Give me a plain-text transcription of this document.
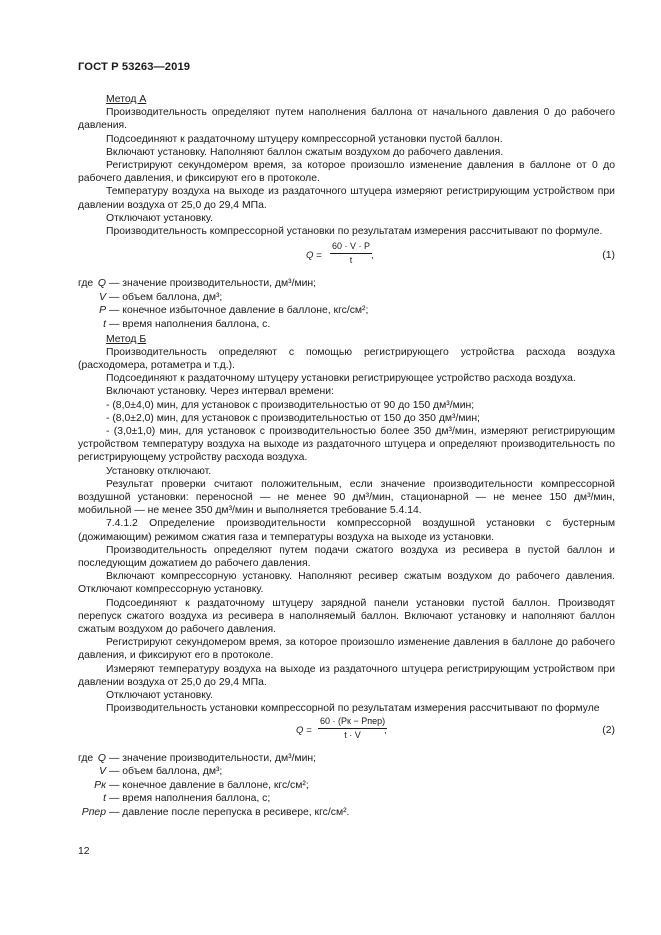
ГОСТ Р 53263—2019

Метод А

Производительность определяют путем наполнения баллона от начального давления 0 до рабочего давления.

Подсоединяют к раздаточному штуцеру компрессорной установки пустой баллон.

Включают установку. Наполняют баллон сжатым воздухом до рабочего давления.

Регистрируют секундомером время, за которое произошло изменение давления в баллоне от 0 до рабочего давления, и фиксируют его в протоколе.

Температуру воздуха на выходе из раздаточного штуцера измеряют регистрирующим устройством при давлении воздуха от 25,0 до 29,4 МПа.

Отключают установку.

Производительность компрессорной установки по результатам измерения рассчитывают по формуле.

$Q = \frac{60 \cdot V \cdot P}{t}$
,	(1)
где Q — значение производительности, дм³/мин;
V — объем баллона, дм³;
P — конечное избыточное давление в баллоне, кгс/см²;
t — время наполнения баллона, с.

Метод Б

Производительность определяют с помощью регистрирующего устройства расхода воздуха (расходомера, ротаметра и т.д.).

Подсоединяют к раздаточному штуцеру установки регистрирующее устройство расхода воздуха.

Включают установку. Через интервал времени:

- (8,0±4,0) мин, для установок с производительностью от 90 до 150 дм³/мин;

- (8,0±2,0) мин, для установок с производительностью от 150 до 350 дм³/мин;

- (3,0±1,0) мин, для установок с производительностью более 350 дм³/мин, измеряют регистрирующим устройством температуру воздуха на выходе из раздаточного штуцера и определяют производительность по регистрирующему устройству расхода воздуха.

Установку отключают.

Результат проверки считают положительным, если значение производительности компрессорной воздушной установки: переносной — не менее 90 дм³/мин, стационарной — не менее 150 дм³/мин, мобильной — не менее 350 дм³/мин и выполняется требование 5.4.14.

7.4.1.2 Определение производительности компрессорной воздушной установки с бустерным (дожимающим) режимом сжатия газа и температуры воздуха на выходе из установки.

Производительность определяют путем подачи сжатого воздуха из ресивера в пустой баллон и последующим дожатием до рабочего давления.

Включают компрессорную установку. Наполняют ресивер сжатым воздухом до рабочего давления. Отключают компрессорную установку.

Подсоединяют к раздаточному штуцеру зарядной панели установки пустой баллон. Производят перепуск сжатого воздуха из ресивера в наполняемый баллон. Включают установку и наполняют баллон сжатым воздухом до рабочего давления.

Регистрируют секундомером время, за которое произошло изменение давления в баллоне до рабочего давления, и фиксируют его в протоколе.

Измеряют температуру воздуха на выходе из раздаточного штуцера регистрирующим устройством при давлении воздуха от 25,0 до 29,4 МПа.

Отключают установку.

Производительность установки компрессорной по результатам измерения рассчитывают по формуле

Q =
60 · (Pк − Pпер)
t · V	,	(2)
где Q — значение производительности, дм³/мин;
V — объем баллона, дм³;
Pк — конечное давление в баллоне, кгс/см²;
t — время наполнения баллона, с;
Pпер — давление после перепуска в ресивере, кгс/см².
12
